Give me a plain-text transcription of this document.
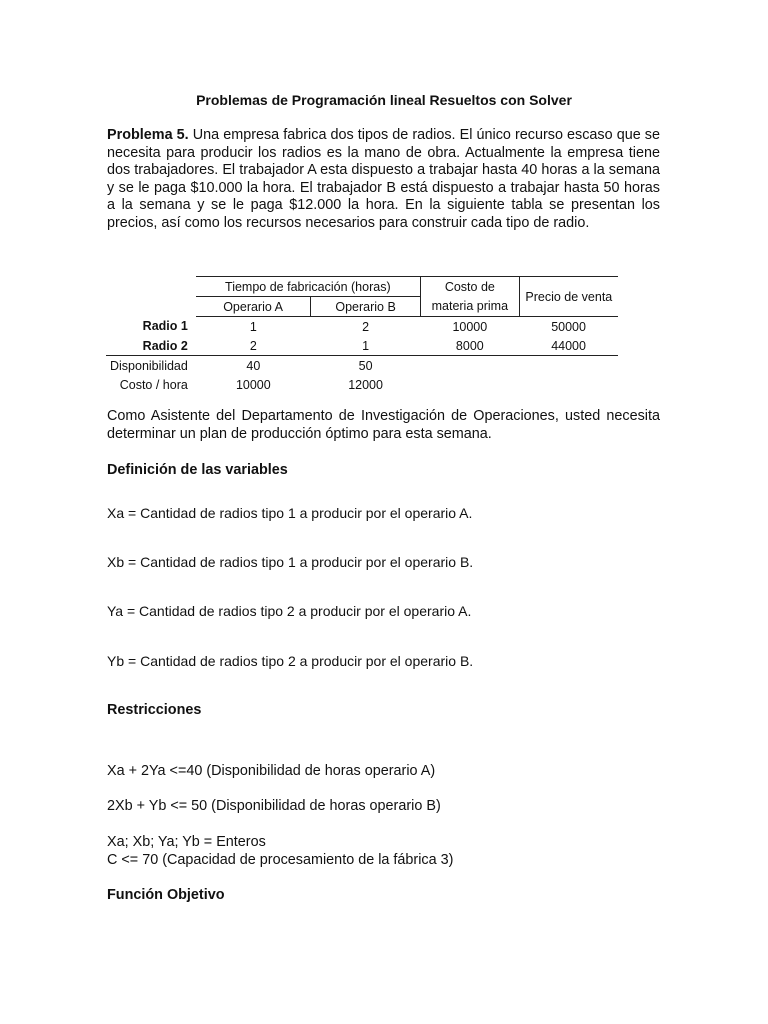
Problemas de Programación lineal Resueltos con Solver
Problema 5. Una empresa fabrica dos tipos de radios. El único recurso escaso que se necesita para producir los radios es la mano de obra. Actualmente la empresa tiene dos trabajadores. El trabajador A esta dispuesto a trabajar hasta 40 horas a la semana y se le paga $10.000 la hora. El trabajador B está dispuesto a trabajar hasta 50 horas a la semana y se le paga $12.000 la hora. En la siguiente tabla se presentan los precios, así como los recursos necesarios para construir cada tipo de radio.
	Tiempo de fabricación (horas)		Costo de	Precio de venta
	Operario A	Operario B	materia prima	
Radio 1	1	2	10000	50000
Radio 2	2	1	8000	44000
Disponibilidad	40	50		
Costo / hora	10000	12000		
Como Asistente del Departamento de Investigación de Operaciones, usted necesita determinar un plan de producción óptimo para esta semana.
Definición de las variables
Xa = Cantidad de radios tipo 1 a producir por el operario A.
Xb = Cantidad de radios tipo 1 a producir por el operario B.
Ya = Cantidad de radios tipo 2 a producir por el operario A.
Yb = Cantidad de radios tipo 2 a producir por el operario B.
Restricciones
Xa + 2Ya <=40 (Disponibilidad de horas operario A)
2Xb + Yb <= 50 (Disponibilidad de horas operario B)
Xa; Xb; Ya; Yb = Enteros
C <= 70 (Capacidad de procesamiento de la fábrica 3)
Función Objetivo
